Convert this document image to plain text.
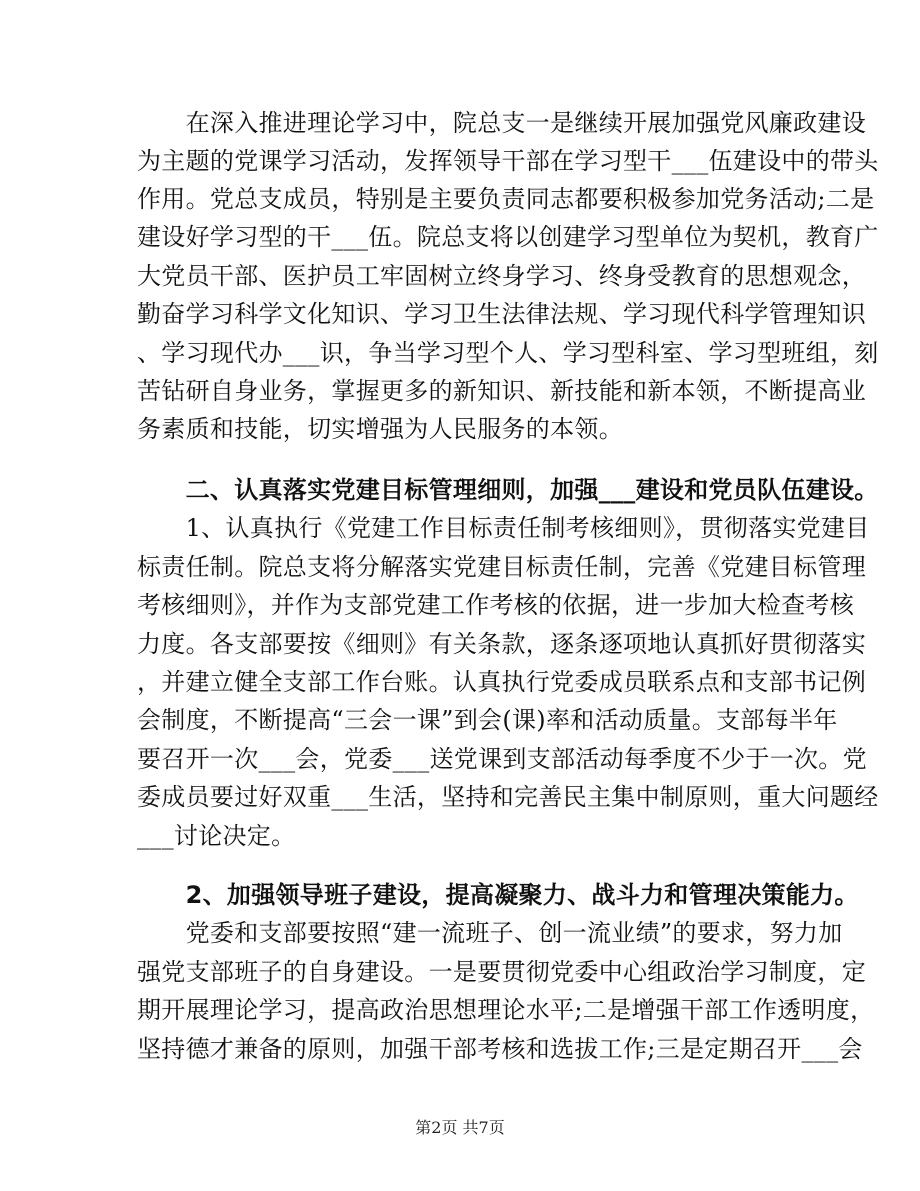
　　在深入推进理论学习中，院总支一是继续开展加强党风廉政建设
为主题的党课学习活动，发挥领导干部在学习型干___伍建设中的带头
作用。党总支成员，特别是主要负责同志都要积极参加党务活动;二是
建设好学习型的干___伍。院总支将以创建学习型单位为契机，教育广
大党员干部、医护员工牢固树立终身学习、终身受教育的思想观念，
勤奋学习科学文化知识、学习卫生法律法规、学习现代科学管理知识
、学习现代办___识，争当学习型个人、学习型科室、学习型班组，刻
苦钻研自身业务，掌握更多的新知识、新技能和新本领，不断提高业
务素质和技能，切实增强为人民服务的本领。
　　二、认真落实党建目标管理细则，加强___建设和党员队伍建设。
　　1、认真执行《党建工作目标责任制考核细则》，贯彻落实党建目
标责任制。院总支将分解落实党建目标责任制，完善《党建目标管理
考核细则》，并作为支部党建工作考核的依据，进一步加大检查考核
力度。各支部要按《细则》有关条款，逐条逐项地认真抓好贯彻落实
，并建立健全支部工作台账。认真执行党委成员联系点和支部书记例
会制度，不断提高“三会一课”到会(课)率和活动质量。支部每半年
要召开一次___会，党委___送党课到支部活动每季度不少于一次。党
委成员要过好双重___生活，坚持和完善民主集中制原则，重大问题经
___讨论决定。
　　2、加强领导班子建设，提高凝聚力、战斗力和管理决策能力。
　　党委和支部要按照“建一流班子、创一流业绩”的要求，努力加
强党支部班子的自身建设。一是要贯彻党委中心组政治学习制度，定
期开展理论学习，提高政治思想理论水平;二是增强干部工作透明度，
坚持德才兼备的原则，加强干部考核和选拔工作;三是定期召开___会
第2页 共7页
